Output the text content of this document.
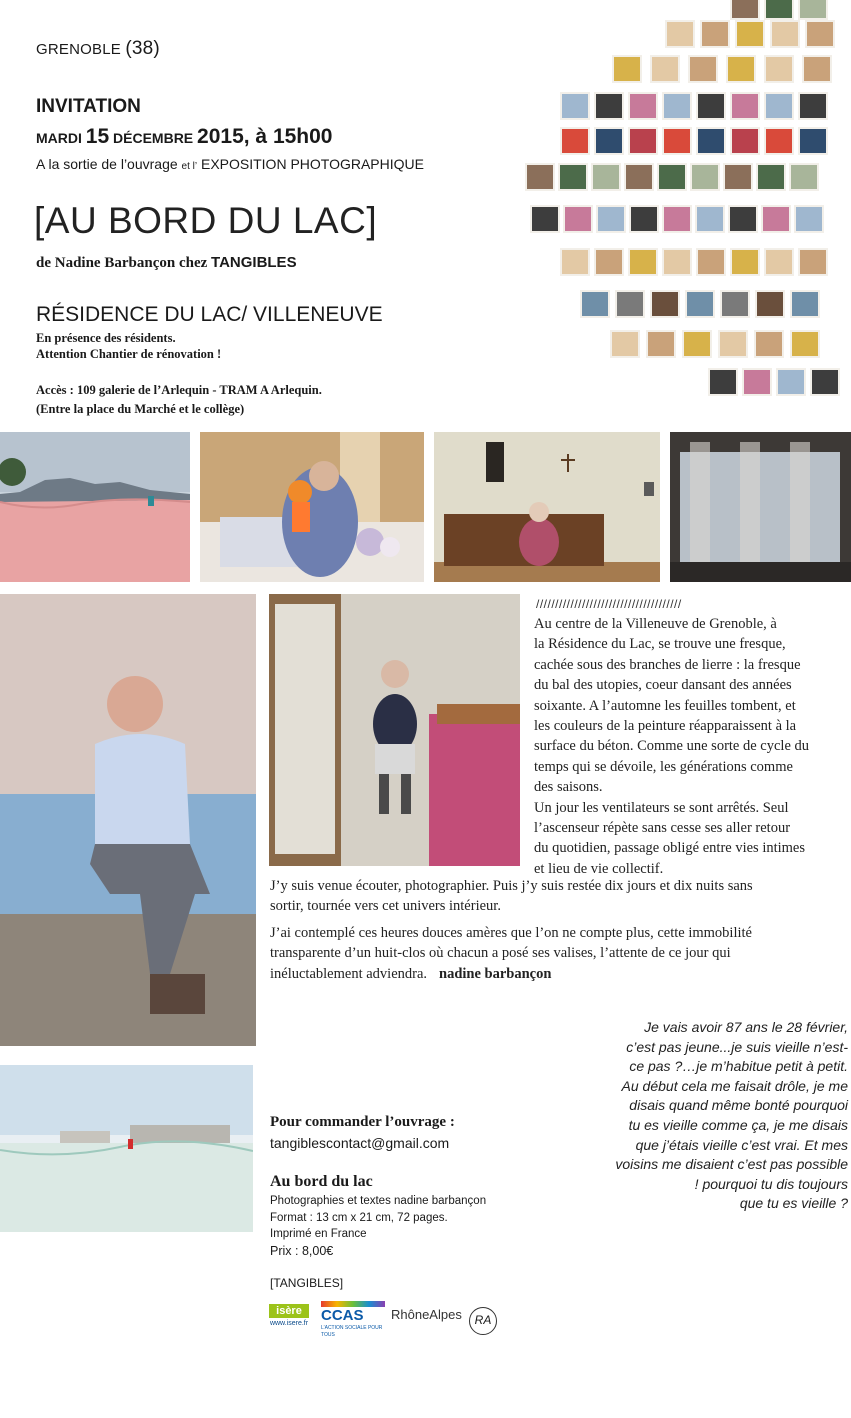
GRENOBLE (38)
INVITATION
MARDI 15 DÉCEMBRE 2015, à 15h00
A la sortie de l’ouvrage et l’ EXPOSITION PHOTOGRAPHIQUE
[AU BORD DU LAC]
de Nadine Barbançon chez TANGIBLES
RÉSIDENCE DU LAC/ VILLENEUVE
En présence des résidents.
Attention Chantier de rénovation !
Accès : 109 galerie de l’Arlequin - TRAM A Arlequin.
(Entre la place du Marché et le collège)
//////////////////////////////////////
Au centre de la Villeneuve de Grenoble, à
la Résidence du Lac, se trouve une fresque,
cachée sous des branches de lierre : la fresque
du bal des utopies, coeur dansant des années
soixante. A l’automne les feuilles tombent, et
les couleurs de la peinture réapparaissent à la
surface du béton. Comme une sorte de cycle du
temps qui se dévoile, les générations comme
des saisons.
Un jour les ventilateurs se sont arrêtés. Seul
l’ascenseur répète sans cesse ses aller retour
du quotidien, passage obligé entre vies intimes
et lieu de vie collectif.
J’y suis venue écouter, photographier. Puis j’y suis restée dix jours et dix nuits sans
sortir, tournée vers cet univers intérieur.
J’ai contemplé ces heures douces amères que l’on ne compte plus, cette immobilité
transparente d’un huit-clos où chacun a posé ses valises, l’attente de ce jour qui
inéluctablement adviendra. nadine barbançon
Je vais avoir 87 ans le 28 février,
c’est pas jeune...je suis vieille n’est-
ce pas ?…je m’habitue petit à petit.
Au début cela me faisait drôle, je me
disais quand même bonté pourquoi
tu es vieille comme ça, je me disais
que j’étais vieille c’est vrai. Et mes
voisins me disaient c’est pas possible
! pourquoi tu dis toujours
que tu es vieille ?
Pour commander l’ouvrage :
tangiblescontact@gmail.com
Au bord du lac
Photographies et textes nadine barbançon
Format : 13 cm x 21 cm, 72 pages.
Imprimé en France
Prix : 8,00€
[TANGIBLES]
isère
www.isere.fr CCAS
L’ACTION SOCIALE POUR TOUS
RhôneAlpes	RA
